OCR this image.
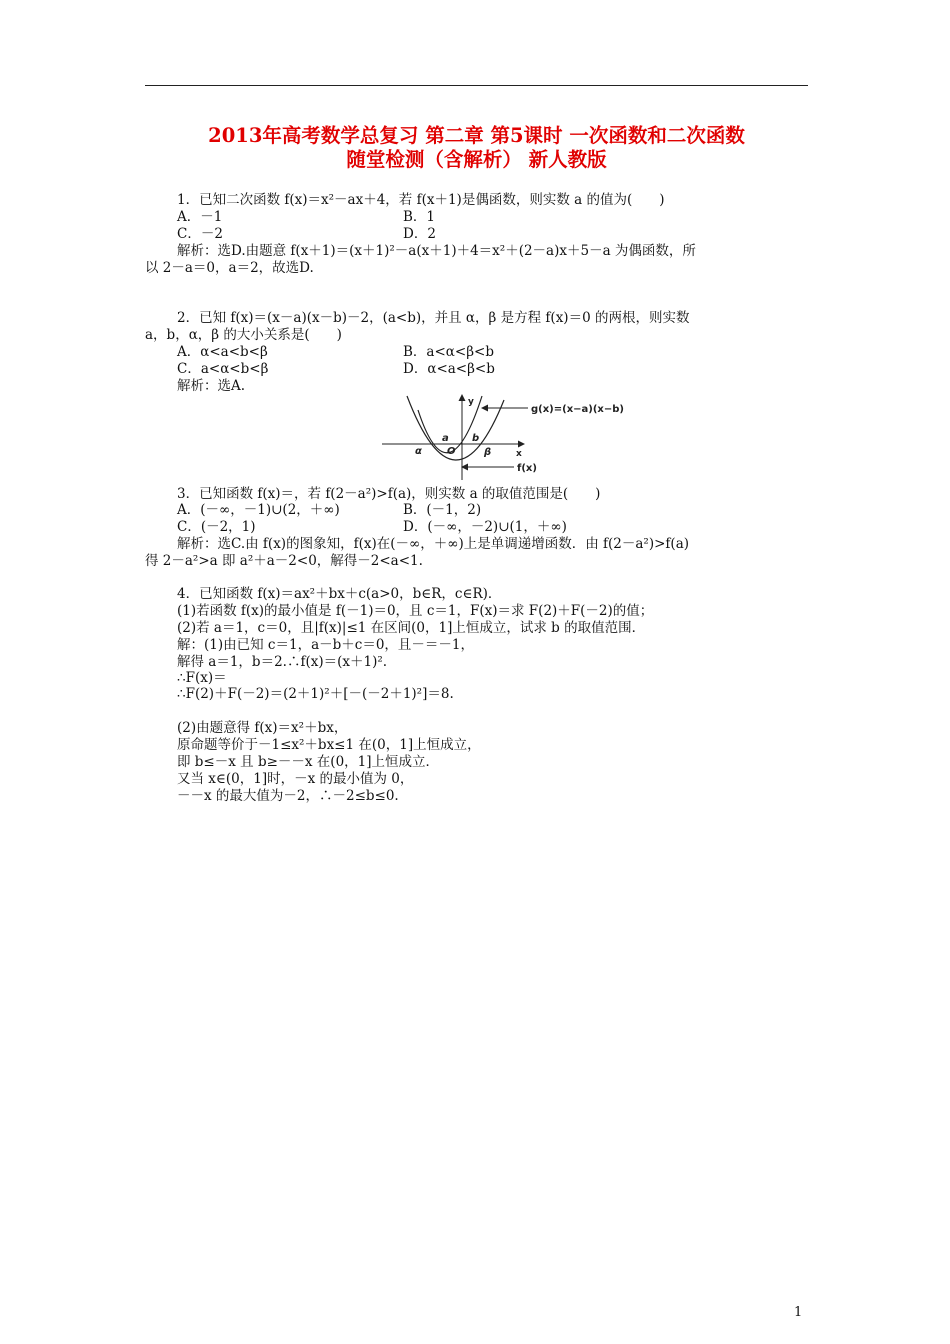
2013年高考数学总复习 第二章 第5课时 一次函数和二次函数
随堂检测（含解析） 新人教版
1．已知二次函数 f(x)＝x²－ax＋4，若 f(x＋1)是偶函数，则实数 a 的值为(　　)
A．－1	B．1
C．－2	D．2
解析：选D.由题意 f(x＋1)＝(x＋1)²－a(x＋1)＋4＝x²＋(2－a)x＋5－a 为偶函数，所
以 2－a＝0，a＝2，故选D.
2．已知 f(x)＝(x－a)(x－b)－2，(a<b)，并且 α，β 是方程 f(x)＝0 的两根，则实数
a，b，α，β 的大小关系是(　　)
A．α<a<b<β	B．a<α<β<b
C．a<α<b<β	D．α<a<β<b
解析：选A.
g(x)=(x−a)(x−b)
f(x)
y
x
O
a b
α	β
3．已知函数 f(x)＝，若 f(2－a²)>f(a)，则实数 a 的取值范围是(　　)
A．(－∞，－1)∪(2，＋∞)	B．(－1，2)
C．(－2，1)	D．(－∞，－2)∪(1，＋∞)
解析：选C.由 f(x)的图象知，f(x)在(－∞，＋∞)上是单调递增函数．由 f(2－a²)>f(a)
得 2－a²>a 即 a²＋a－2<0，解得－2<a<1.
4．已知函数 f(x)＝ax²＋bx＋c(a>0，b∈R，c∈R)．
(1)若函数 f(x)的最小值是 f(－1)＝0，且 c＝1，F(x)＝求 F(2)＋F(－2)的值；
(2)若 a＝1，c＝0，且|f(x)|≤1 在区间(0，1]上恒成立，试求 b 的取值范围．
解：(1)由已知 c＝1，a－b＋c＝0，且－＝－1，
解得 a＝1，b＝2.∴f(x)＝(x＋1)².
∴F(x)＝
∴F(2)＋F(－2)＝(2＋1)²＋[－(－2＋1)²]＝8.
(2)由题意得 f(x)＝x²＋bx，
原命题等价于－1≤x²＋bx≤1 在(0，1]上恒成立，
即 b≤－x 且 b≥－－x 在(0，1]上恒成立．
又当 x∈(0，1]时，－x 的最小值为 0，
－－x 的最大值为－2，∴－2≤b≤0.
1
